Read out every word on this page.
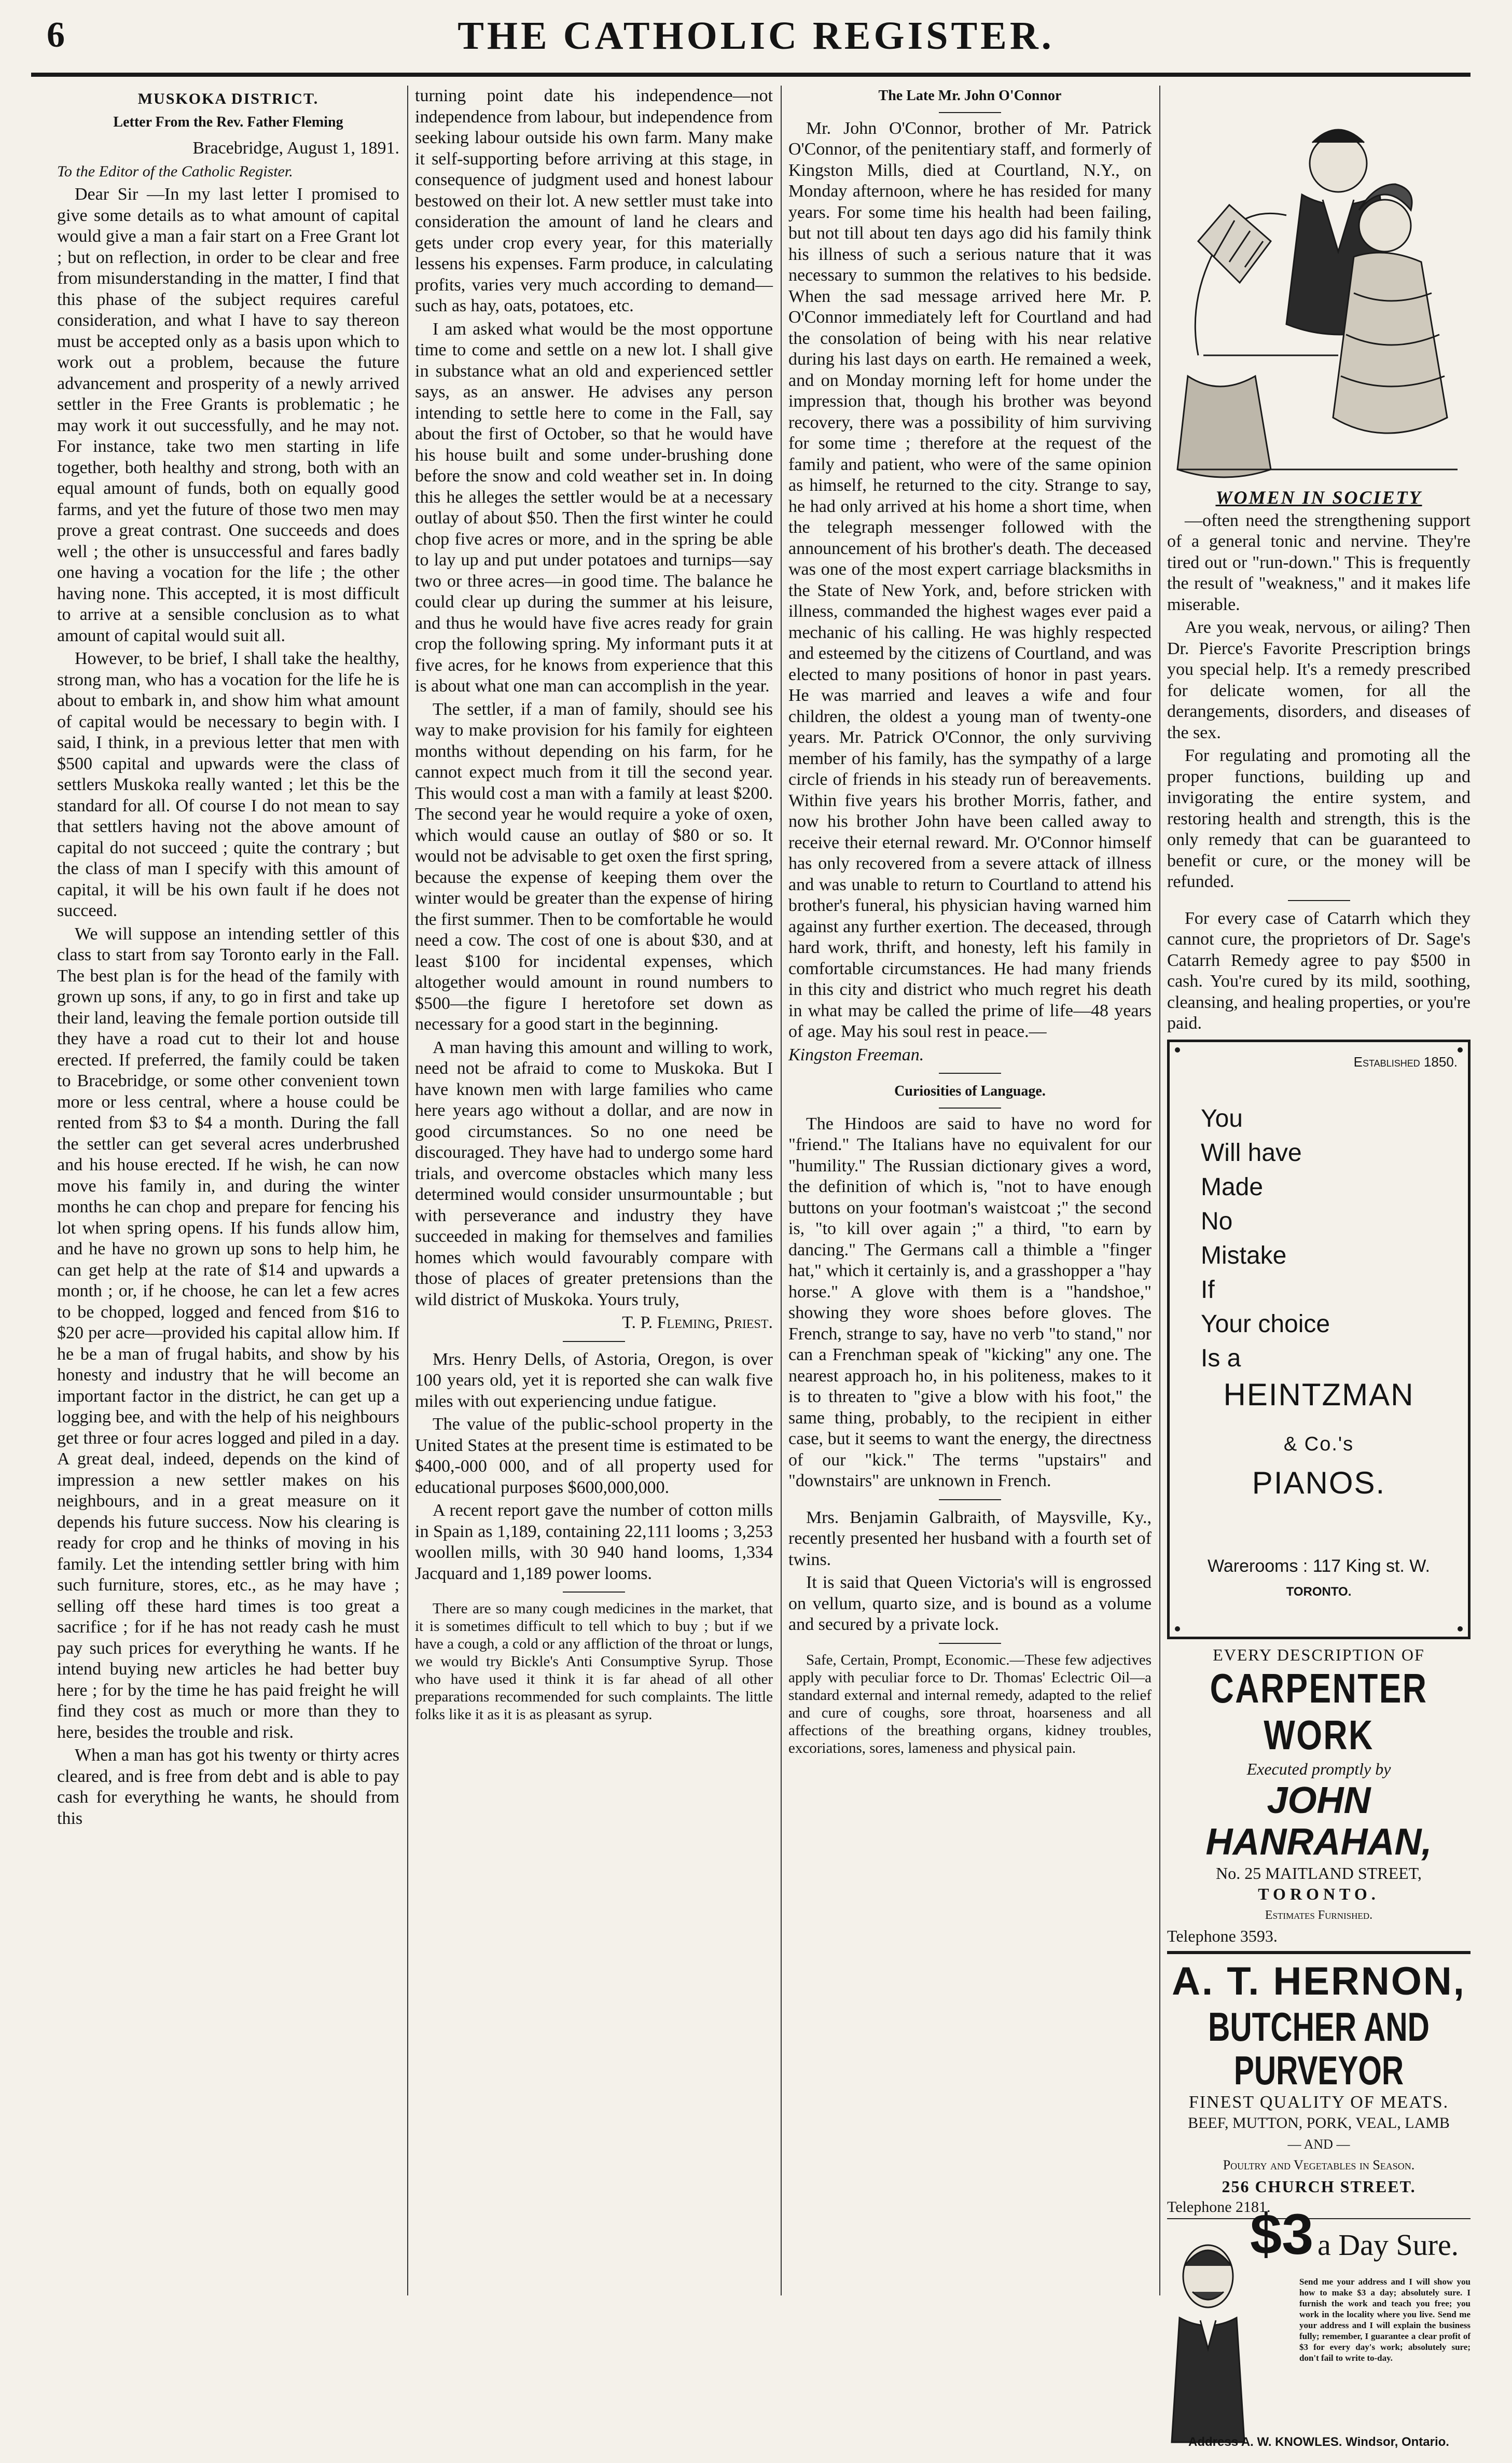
6	THE CATHOLIC REGISTER.
MUSKOKA DISTRICT.
Letter From the Rev. Father Fleming

Bracebridge, August 1, 1891.

To the Editor of the Catholic Register.

Dear Sir —In my last letter I promised to give some details as to what amount of capital would give a man a fair start on a Free Grant lot ; but on reflection, in order to be clear and free from misunderstanding in the matter, I find that this phase of the subject requires careful consideration, and what I have to say thereon must be accepted only as a basis upon which to work out a problem, because the future advancement and prosperity of a newly arrived settler in the Free Grants is problematic ; he may work it out successfully, and he may not. For instance, take two men starting in life together, both healthy and strong, both with an equal amount of funds, both on equally good farms, and yet the future of those two men may prove a great contrast. One succeeds and does well ; the other is unsuccessful and fares badly one having a vocation for the life ; the other having none. This accepted, it is most difficult to arrive at a sensible conclusion as to what amount of capital would suit all.

However, to be brief, I shall take the healthy, strong man, who has a vocation for the life he is about to embark in, and show him what amount of capital would be necessary to begin with. I said, I think, in a previous letter that men with $500 capital and upwards were the class of settlers Muskoka really wanted ; let this be the standard for all. Of course I do not mean to say that settlers having not the above amount of capital do not succeed ; quite the contrary ; but the class of man I specify with this amount of capital, it will be his own fault if he does not succeed.

We will suppose an intending settler of this class to start from say Toronto early in the Fall. The best plan is for the head of the family with grown up sons, if any, to go in first and take up their land, leaving the female portion outside till they have a road cut to their lot and house erected. If preferred, the family could be taken to Bracebridge, or some other convenient town more or less central, where a house could be rented from $3 to $4 a month. During the fall the settler can get several acres underbrushed and his house erected. If he wish, he can now move his family in, and during the winter months he can chop and prepare for fencing his lot when spring opens. If his funds allow him, and he have no grown up sons to help him, he can get help at the rate of $14 and upwards a month ; or, if he choose, he can let a few acres to be chopped, logged and fenced from $16 to $20 per acre—provided his capital allow him. If he be a man of frugal habits, and show by his honesty and industry that he will become an important factor in the district, he can get up a logging bee, and with the help of his neighbours get three or four acres logged and piled in a day. A great deal, indeed, depends on the kind of impression a new settler makes on his neighbours, and in a great measure on it depends his future success. Now his clearing is ready for crop and he thinks of moving in his family. Let the intending settler bring with him such furniture, stores, etc., as he may have ; selling off these hard times is too great a sacrifice ; for if he has not ready cash he must pay such prices for everything he wants. If he intend buying new articles he had better buy here ; for by the time he has paid freight he will find they cost as much or more than they to here, besides the trouble and risk.

When a man has got his twenty or thirty acres cleared, and is free from debt and is able to pay cash for everything he wants, he should from this

turning point date his independence—not independence from labour, but independence from seeking labour outside his own farm. Many make it self-supporting before arriving at this stage, in consequence of judgment used and honest labour bestowed on their lot. A new settler must take into consideration the amount of land he clears and gets under crop every year, for this materially lessens his expenses. Farm produce, in calculating profits, varies very much according to demand—such as hay, oats, potatoes, etc.

I am asked what would be the most opportune time to come and settle on a new lot. I shall give in substance what an old and experienced settler says, as an answer. He advises any person intending to settle here to come in the Fall, say about the first of October, so that he would have his house built and some under-brushing done before the snow and cold weather set in. In doing this he alleges the settler would be at a necessary outlay of about $50. Then the first winter he could chop five acres or more, and in the spring be able to lay up and put under potatoes and turnips—say two or three acres—in good time. The balance he could clear up during the summer at his leisure, and thus he would have five acres ready for grain crop the following spring. My informant puts it at five acres, for he knows from experience that this is about what one man can accomplish in the year.

The settler, if a man of family, should see his way to make provision for his family for eighteen months without depending on his farm, for he cannot expect much from it till the second year. This would cost a man with a family at least $200. The second year he would require a yoke of oxen, which would cause an outlay of $80 or so. It would not be advisable to get oxen the first spring, because the expense of keeping them over the winter would be greater than the expense of hiring the first summer. Then to be comfortable he would need a cow. The cost of one is about $30, and at least $100 for incidental expenses, which altogether would amount in round numbers to $500—the figure I heretofore set down as necessary for a good start in the beginning.

A man having this amount and willing to work, need not be afraid to come to Muskoka. But I have known men with large families who came here years ago without a dollar, and are now in good circumstances. So no one need be discouraged. They have had to undergo some hard trials, and overcome obstacles which many less determined would consider unsurmountable ; but with perseverance and industry they have succeeded in making for themselves and families homes which would favourably compare with those of places of greater pretensions than the wild district of Muskoka. Yours truly,

T. P. Fleming, Priest.

Mrs. Henry Dells, of Astoria, Oregon, is over 100 years old, yet it is reported she can walk five miles with out experiencing undue fatigue.

The value of the public-school property in the United States at the present time is estimated to be $400,-000 000, and of all property used for educational purposes $600,000,000.

A recent report gave the number of cotton mills in Spain as 1,189, containing 22,111 looms ; 3,253 woollen mills, with 30 940 hand looms, 1,334 Jacquard and 1,189 power looms.

There are so many cough medicines in the market, that it is sometimes difficult to tell which to buy ; but if we have a cough, a cold or any affliction of the throat or lungs, we would try Bickle's Anti Consumptive Syrup. Those who have used it think it is far ahead of all other preparations recommended for such complaints. The little folks like it as it is as pleasant as syrup.

The Late Mr. John O'Connor

Mr. John O'Connor, brother of Mr. Patrick O'Connor, of the penitentiary staff, and formerly of Kingston Mills, died at Courtland, N.Y., on Monday afternoon, where he has resided for many years. For some time his health had been failing, but not till about ten days ago did his family think his illness of such a serious nature that it was necessary to summon the relatives to his bedside. When the sad message arrived here Mr. P. O'Connor immediately left for Courtland and had the consolation of being with his near relative during his last days on earth. He remained a week, and on Monday morning left for home under the impression that, though his brother was beyond recovery, there was a possibility of him surviving for some time ; therefore at the request of the family and patient, who were of the same opinion as himself, he returned to the city. Strange to say, he had only arrived at his home a short time, when the telegraph messenger followed with the announcement of his brother's death. The deceased was one of the most expert carriage blacksmiths in the State of New York, and, before stricken with illness, commanded the highest wages ever paid a mechanic of his calling. He was highly respected and esteemed by the citizens of Courtland, and was elected to many positions of honor in past years. He was married and leaves a wife and four children, the oldest a young man of twenty-one years. Mr. Patrick O'Connor, the only surviving member of his family, has the sympathy of a large circle of friends in his steady run of bereavements. Within five years his brother Morris, father, and now his brother John have been called away to receive their eternal reward. Mr. O'Connor himself has only recovered from a severe attack of illness and was unable to return to Courtland to attend his brother's funeral, his physician having warned him against any further exertion. The deceased, through hard work, thrift, and honesty, left his family in comfortable circumstances. He had many friends in this city and district who much regret his death in what may be called the prime of life—48 years of age. May his soul rest in peace.—

Kingston Freeman.

Curiosities of Language.

The Hindoos are said to have no word for "friend." The Italians have no equivalent for our "humility." The Russian dictionary gives a word, the definition of which is, "not to have enough buttons on your footman's waistcoat ;" the second is, "to kill over again ;" a third, "to earn by dancing." The Germans call a thimble a "finger hat," which it certainly is, and a grasshopper a "hay horse." A glove with them is a "handshoe," showing they wore shoes before gloves. The French, strange to say, have no verb "to stand," nor can a Frenchman speak of "kicking" any one. The nearest approach ho, in his politeness, makes to it is to threaten to "give a blow with his foot," the same thing, probably, to the recipient in either case, but it seems to want the energy, the directness of our "kick." The terms "upstairs" and "downstairs" are unknown in French.

Mrs. Benjamin Galbraith, of Maysville, Ky., recently presented her husband with a fourth set of twins.

It is said that Queen Victoria's will is engrossed on vellum, quarto size, and is bound as a volume and secured by a private lock.

Safe, Certain, Prompt, Economic.—These few adjectives apply with peculiar force to Dr. Thomas' Eclectric Oil—a standard external and internal remedy, adapted to the relief and cure of coughs, sore throat, hoarseness and all affections of the breathing organs, kidney troubles, excoriations, sores, lameness and physical pain.

WOMEN IN SOCIETY

—often need the strengthening support of a general tonic and nervine. They're tired out or "run-down." This is frequently the result of "weakness," and it makes life miserable.

Are you weak, nervous, or ailing? Then Dr. Pierce's Favorite Prescription brings you special help. It's a remedy prescribed for delicate women, for all the derangements, disorders, and diseases of the sex.

For regulating and promoting all the proper functions, building up and invigorating the entire system, and restoring health and strength, this is the only remedy that can be guaranteed to benefit or cure, or the money will be refunded.

For every case of Catarrh which they cannot cure, the proprietors of Dr. Sage's Catarrh Remedy agree to pay $500 in cash. You're cured by its mild, soothing, cleansing, and healing properties, or you're paid.

Established 1850.
You
Will have
Made
No
Mistake
If
Your choice
Is a
HEINTZMAN
& Co.'s
PIANOS.
Warerooms : 117 King st. W.
TORONTO.
EVERY DESCRIPTION OF
CARPENTER WORK
Executed promptly by
JOHN HANRAHAN,
No. 25 MAITLAND STREET,
TORONTO.
Estimates Furnished.
Telephone 3593.
A. T. HERNON,
BUTCHER AND PURVEYOR
FINEST QUALITY OF MEATS.
BEEF, MUTTON, PORK, VEAL, LAMB
— AND —
Poultry and Vegetables in Season.
256 CHURCH STREET.
Telephone 2181.
$3 a Day Sure.
Send me your address and I will show you how to make $3 a day; absolutely sure. I furnish the work and teach you free; you work in the locality where you live. Send me your address and I will explain the business fully; remember, I guarantee a clear profit of $3 for every day's work; absolutely sure; don't fail to write to-day.
Address A. W. KNOWLES. Windsor, Ontario.
